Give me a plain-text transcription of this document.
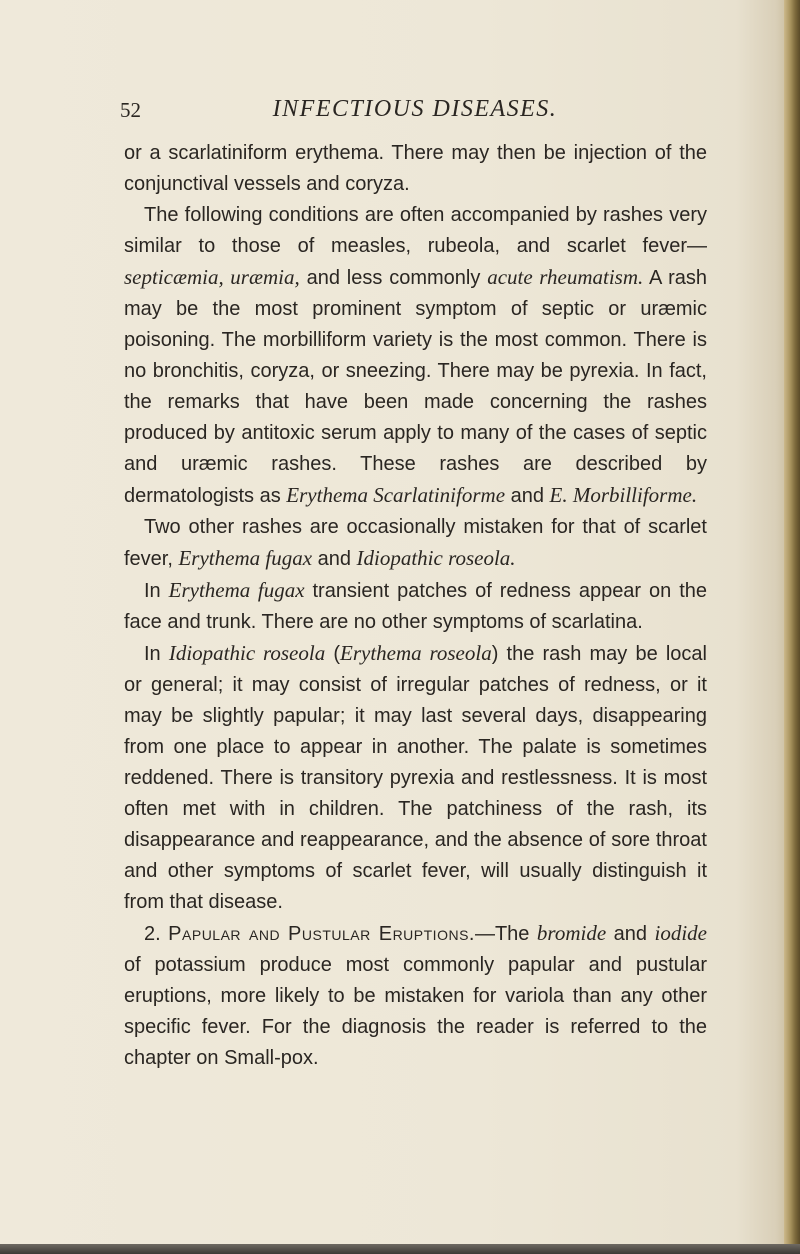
52	INFECTIOUS DISEASES.

or a scarlatiniform erythema. There may then be injection of the conjunctival vessels and coryza.

The following conditions are often accompanied by rashes very similar to those of measles, rubeola, and scarlet fever—septicæmia, uræmia, and less commonly acute rheumatism. A rash may be the most prominent symptom of septic or uræmic poisoning. The morbilliform variety is the most common. There is no bronchitis, coryza, or sneezing. There may be pyrexia. In fact, the remarks that have been made concerning the rashes produced by antitoxic serum apply to many of the cases of septic and uræmic rashes. These rashes are described by dermatologists as Erythema Scarlatiniforme and E. Morbilliforme.

Two other rashes are occasionally mistaken for that of scarlet fever, Erythema fugax and Idiopathic roseola.

In Erythema fugax transient patches of redness appear on the face and trunk. There are no other symptoms of scarlatina.

In Idiopathic roseola (Erythema roseola) the rash may be local or general; it may consist of irregular patches of redness, or it may be slightly papular; it may last several days, disappearing from one place to appear in another. The palate is sometimes reddened. There is transitory pyrexia and restlessness. It is most often met with in children. The patchiness of the rash, its disappearance and reappearance, and the absence of sore throat and other symptoms of scarlet fever, will usually distinguish it from that disease.

2. Papular and Pustular Eruptions.—The bromide and iodide of potassium produce most commonly papular and pustular eruptions, more likely to be mistaken for variola than any other specific fever. For the diagnosis the reader is referred to the chapter on Small-pox.
